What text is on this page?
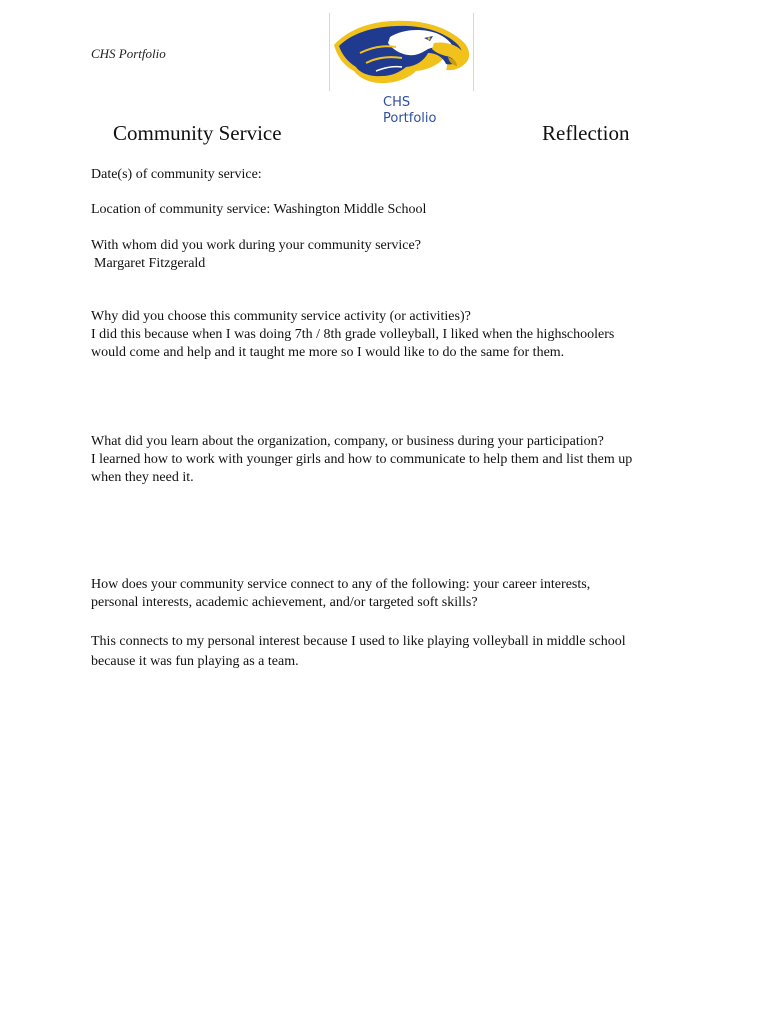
CHS Portfolio
CHS
Portfolio
Community Service	Reflection
Date(s) of community service:
Location of community service: Washington Middle School
With whom did you work during your community service?
Margaret Fitzgerald
Why did you choose this community service activity (or activities)?
I did this because when I was doing 7th / 8th grade volleyball, I liked when the highschoolers
would come and help and it taught me more so I would like to do the same for them.
What did you learn about the organization, company, or business during your participation?
I learned how to work with younger girls and how to communicate to help them and list them up
when they need it.
How does your community service connect to any of the following: your career interests,
personal interests, academic achievement, and/or targeted soft skills?
This connects to my personal interest because I used to like playing volleyball in middle school
because it was fun playing as a team.
